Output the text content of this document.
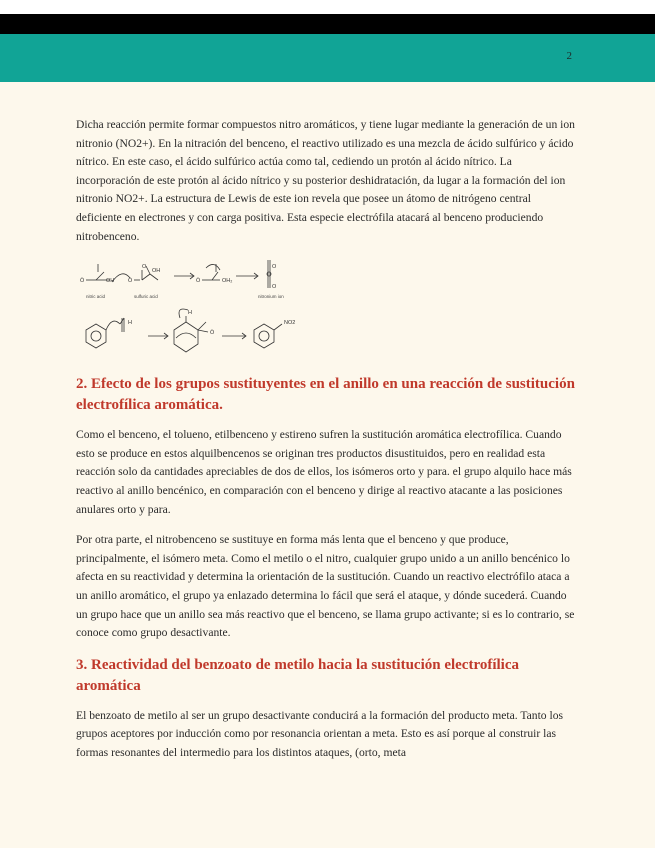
2

Dicha reacción permite formar compuestos nitro aromáticos, y tiene lugar mediante la generación de un ion nitronio (NO2+). En la nitración del benceno, el reactivo utilizado es una mezcla de ácido sulfúrico y ácido nítrico. En este caso, el ácido sulfúrico actúa como tal, cediendo un protón al ácido nítrico. La incorporación de este protón al ácido nítrico y su posterior deshidratación, da lugar a la formación del ion nitronio NO2+. La estructura de Lewis de este ion revela que posee un átomo de nitrógeno central deficiente en electrones y con carga positiva. Esta especie electrófila atacará al benceno produciendo nitrobenceno.

Ö	OH	Ö
O
OH
Ö	OH₂
O
O
H
H
Ö
NO2
nitric acid	sulfuric acid	nitronium ion
2. Efecto de los grupos sustituyentes en el anillo en una reacción de sustitución electrofílica aromática.

Como el benceno, el tolueno, etilbenceno y estireno sufren la sustitución aromática electrofílica. Cuando esto se produce en estos alquilbencenos se originan tres productos disustituidos, pero en realidad esta reacción solo da cantidades apreciables de dos de ellos, los isómeros orto y para. el grupo alquilo hace más reactivo al anillo bencénico, en comparación con el benceno y dirige al reactivo atacante a las posiciones anulares orto y para.

Por otra parte, el nitrobenceno se sustituye en forma más lenta que el benceno y que produce, principalmente, el isómero meta. Como el metilo o el nitro, cualquier grupo unido a un anillo bencénico lo afecta en su reactividad y determina la orientación de la sustitución. Cuando un reactivo electrófilo ataca a un anillo aromático, el grupo ya enlazado determina lo fácil que será el ataque, y dónde sucederá. Cuando un grupo hace que un anillo sea más reactivo que el benceno, se llama grupo activante; si es lo contrario, se conoce como grupo desactivante.

3. Reactividad del benzoato de metilo hacia la sustitución electrofílica aromática

El benzoato de metilo al ser un grupo desactivante conducirá a la formación del producto meta. Tanto los grupos aceptores por inducción como por resonancia orientan a meta. Esto es así porque al construir las formas resonantes del intermedio para los distintos ataques, (orto, meta
